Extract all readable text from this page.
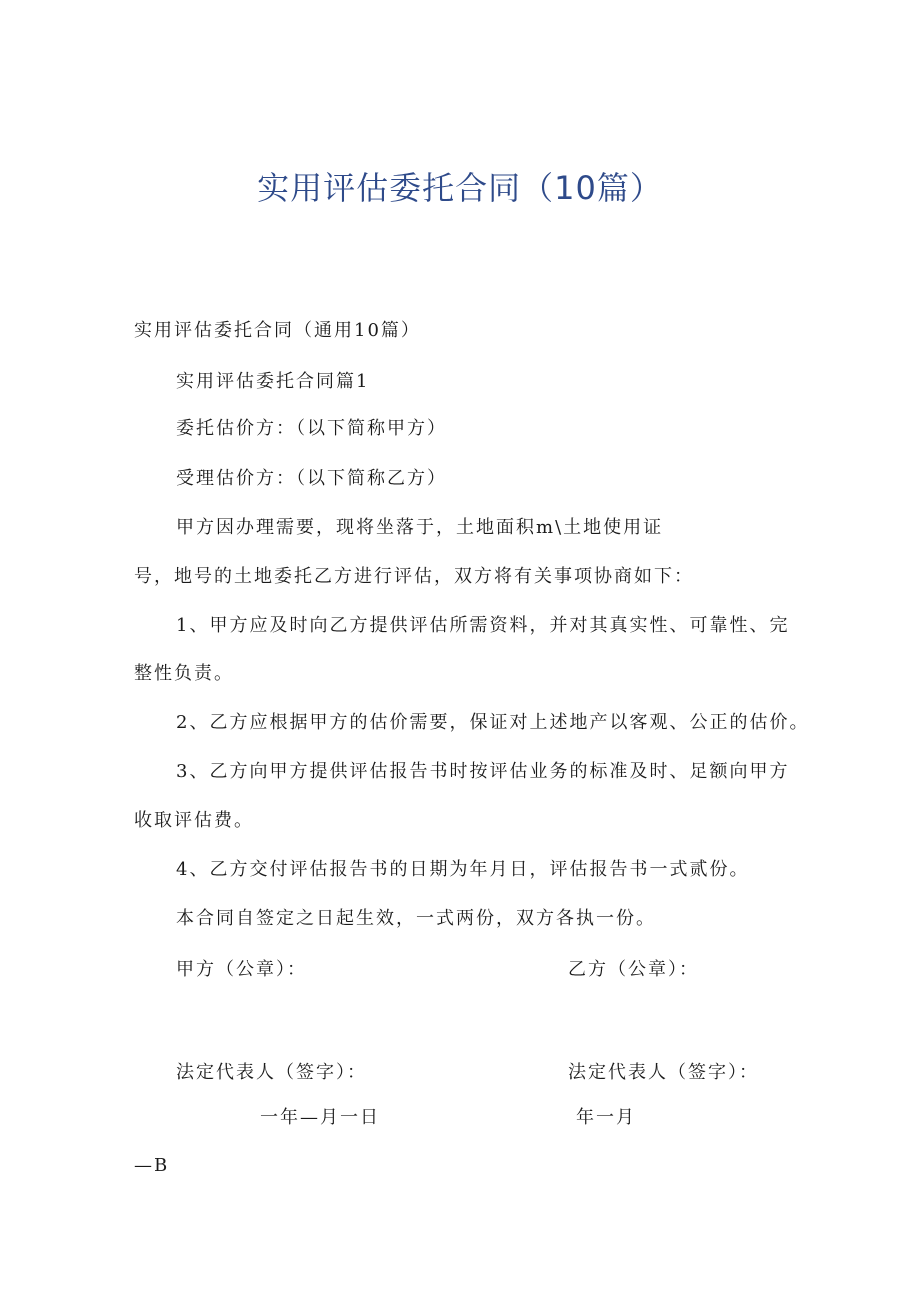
实用评估委托合同（10篇）
实用评估委托合同（通用10篇）
实用评估委托合同篇1
委托估价方：（以下简称甲方）
受理估价方：（以下简称乙方）
甲方因办理需要，现将坐落于，土地面积m\土地使用证
号，地号的土地委托乙方进行评估，双方将有关事项协商如下：
1、甲方应及时向乙方提供评估所需资料，并对其真实性、可靠性、完
整性负责。
2、乙方应根据甲方的估价需要，保证对上述地产以客观、公正的估价。
3、乙方向甲方提供评估报告书时按评估业务的标准及时、足额向甲方
收取评估费。
4、乙方交付评估报告书的日期为年月日，评估报告书一式贰份。
本合同自签定之日起生效，一式两份，双方各执一份。
甲方（公章）：	乙方（公章）：
法定代表人（签字）：	法定代表人（签字）：
一年—月一日	年一月
—B
